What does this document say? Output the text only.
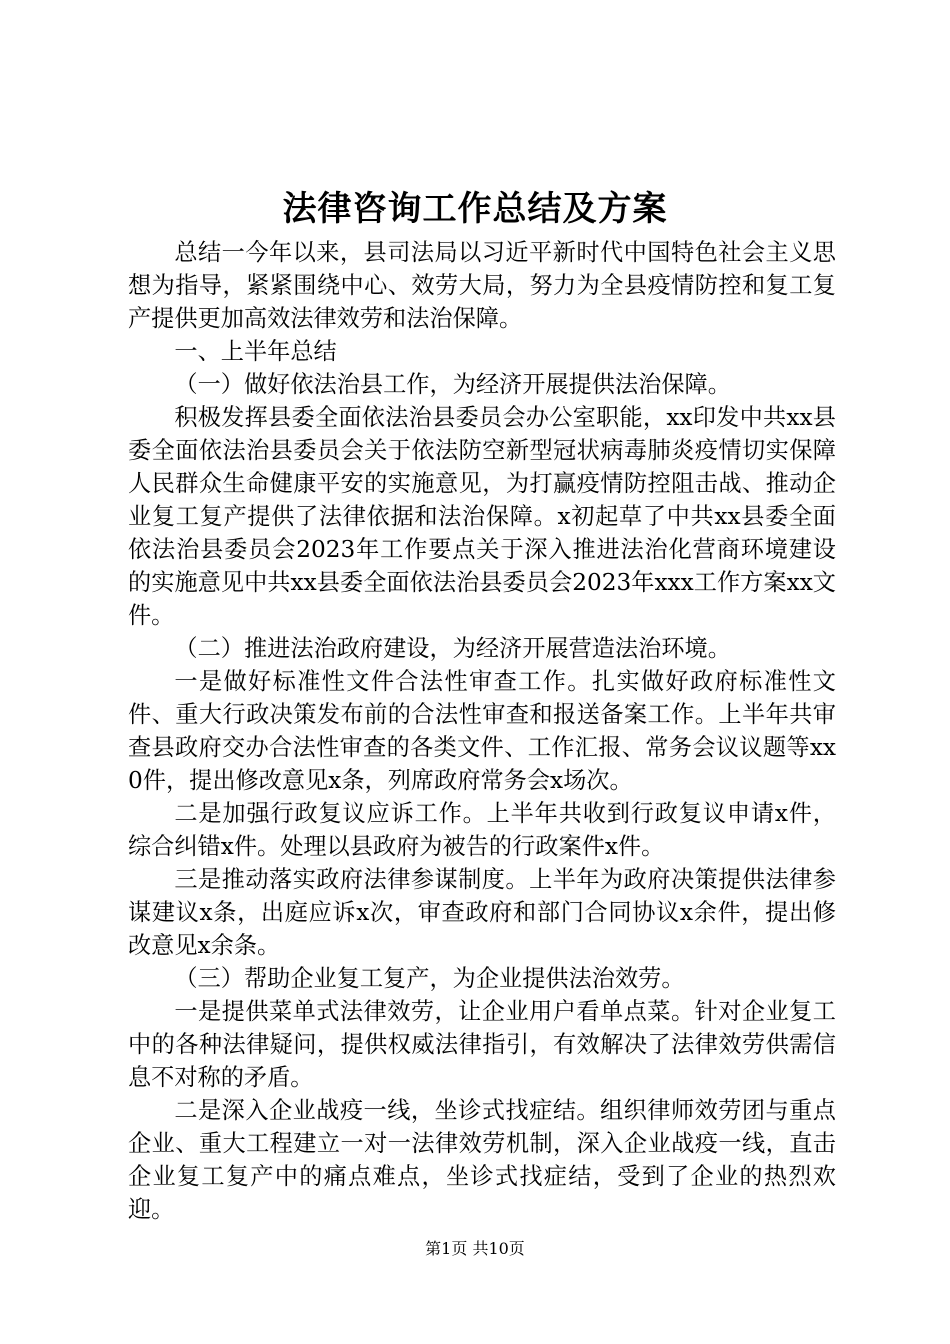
法律咨询工作总结及方案

总结一今年以来，县司法局以习近平新时代中国特色社会主义思想为指导，紧紧围绕中心、效劳大局，努力为全县疫情防控和复工复产提供更加高效法律效劳和法治保障。

一、上半年总结

（一）做好依法治县工作，为经济开展提供法治保障。

积极发挥县委全面依法治县委员会办公室职能，xx印发中共xx县委全面依法治县委员会关于依法防空新型冠状病毒肺炎疫情切实保障人民群众生命健康平安的实施意见，为打赢疫情防控阻击战、推动企业复工复产提供了法律依据和法治保障。x初起草了中共xx县委全面依法治县委员会2023年工作要点关于深入推进法治化营商环境建设的实施意见中共xx县委全面依法治县委员会2023年xxx工作方案xx文件。

（二）推进法治政府建设，为经济开展营造法治环境。

一是做好标准性文件合法性审查工作。扎实做好政府标准性文件、重大行政决策发布前的合法性审查和报送备案工作。上半年共审查县政府交办合法性审查的各类文件、工作汇报、常务会议议题等xx0件，提出修改意见x条，列席政府常务会x场次。

二是加强行政复议应诉工作。上半年共收到行政复议申请x件，综合纠错x件。处理以县政府为被告的行政案件x件。

三是推动落实政府法律参谋制度。上半年为政府决策提供法律参谋建议x条，出庭应诉x次，审查政府和部门合同协议x余件，提出修改意见x余条。

（三）帮助企业复工复产，为企业提供法治效劳。

一是提供菜单式法律效劳，让企业用户看单点菜。针对企业复工中的各种法律疑问，提供权威法律指引，有效解决了法律效劳供需信息不对称的矛盾。

二是深入企业战疫一线，坐诊式找症结。组织律师效劳团与重点企业、重大工程建立一对一法律效劳机制，深入企业战疫一线，直击企业复工复产中的痛点难点，坐诊式找症结，受到了企业的热烈欢迎。

第1页 共10页
